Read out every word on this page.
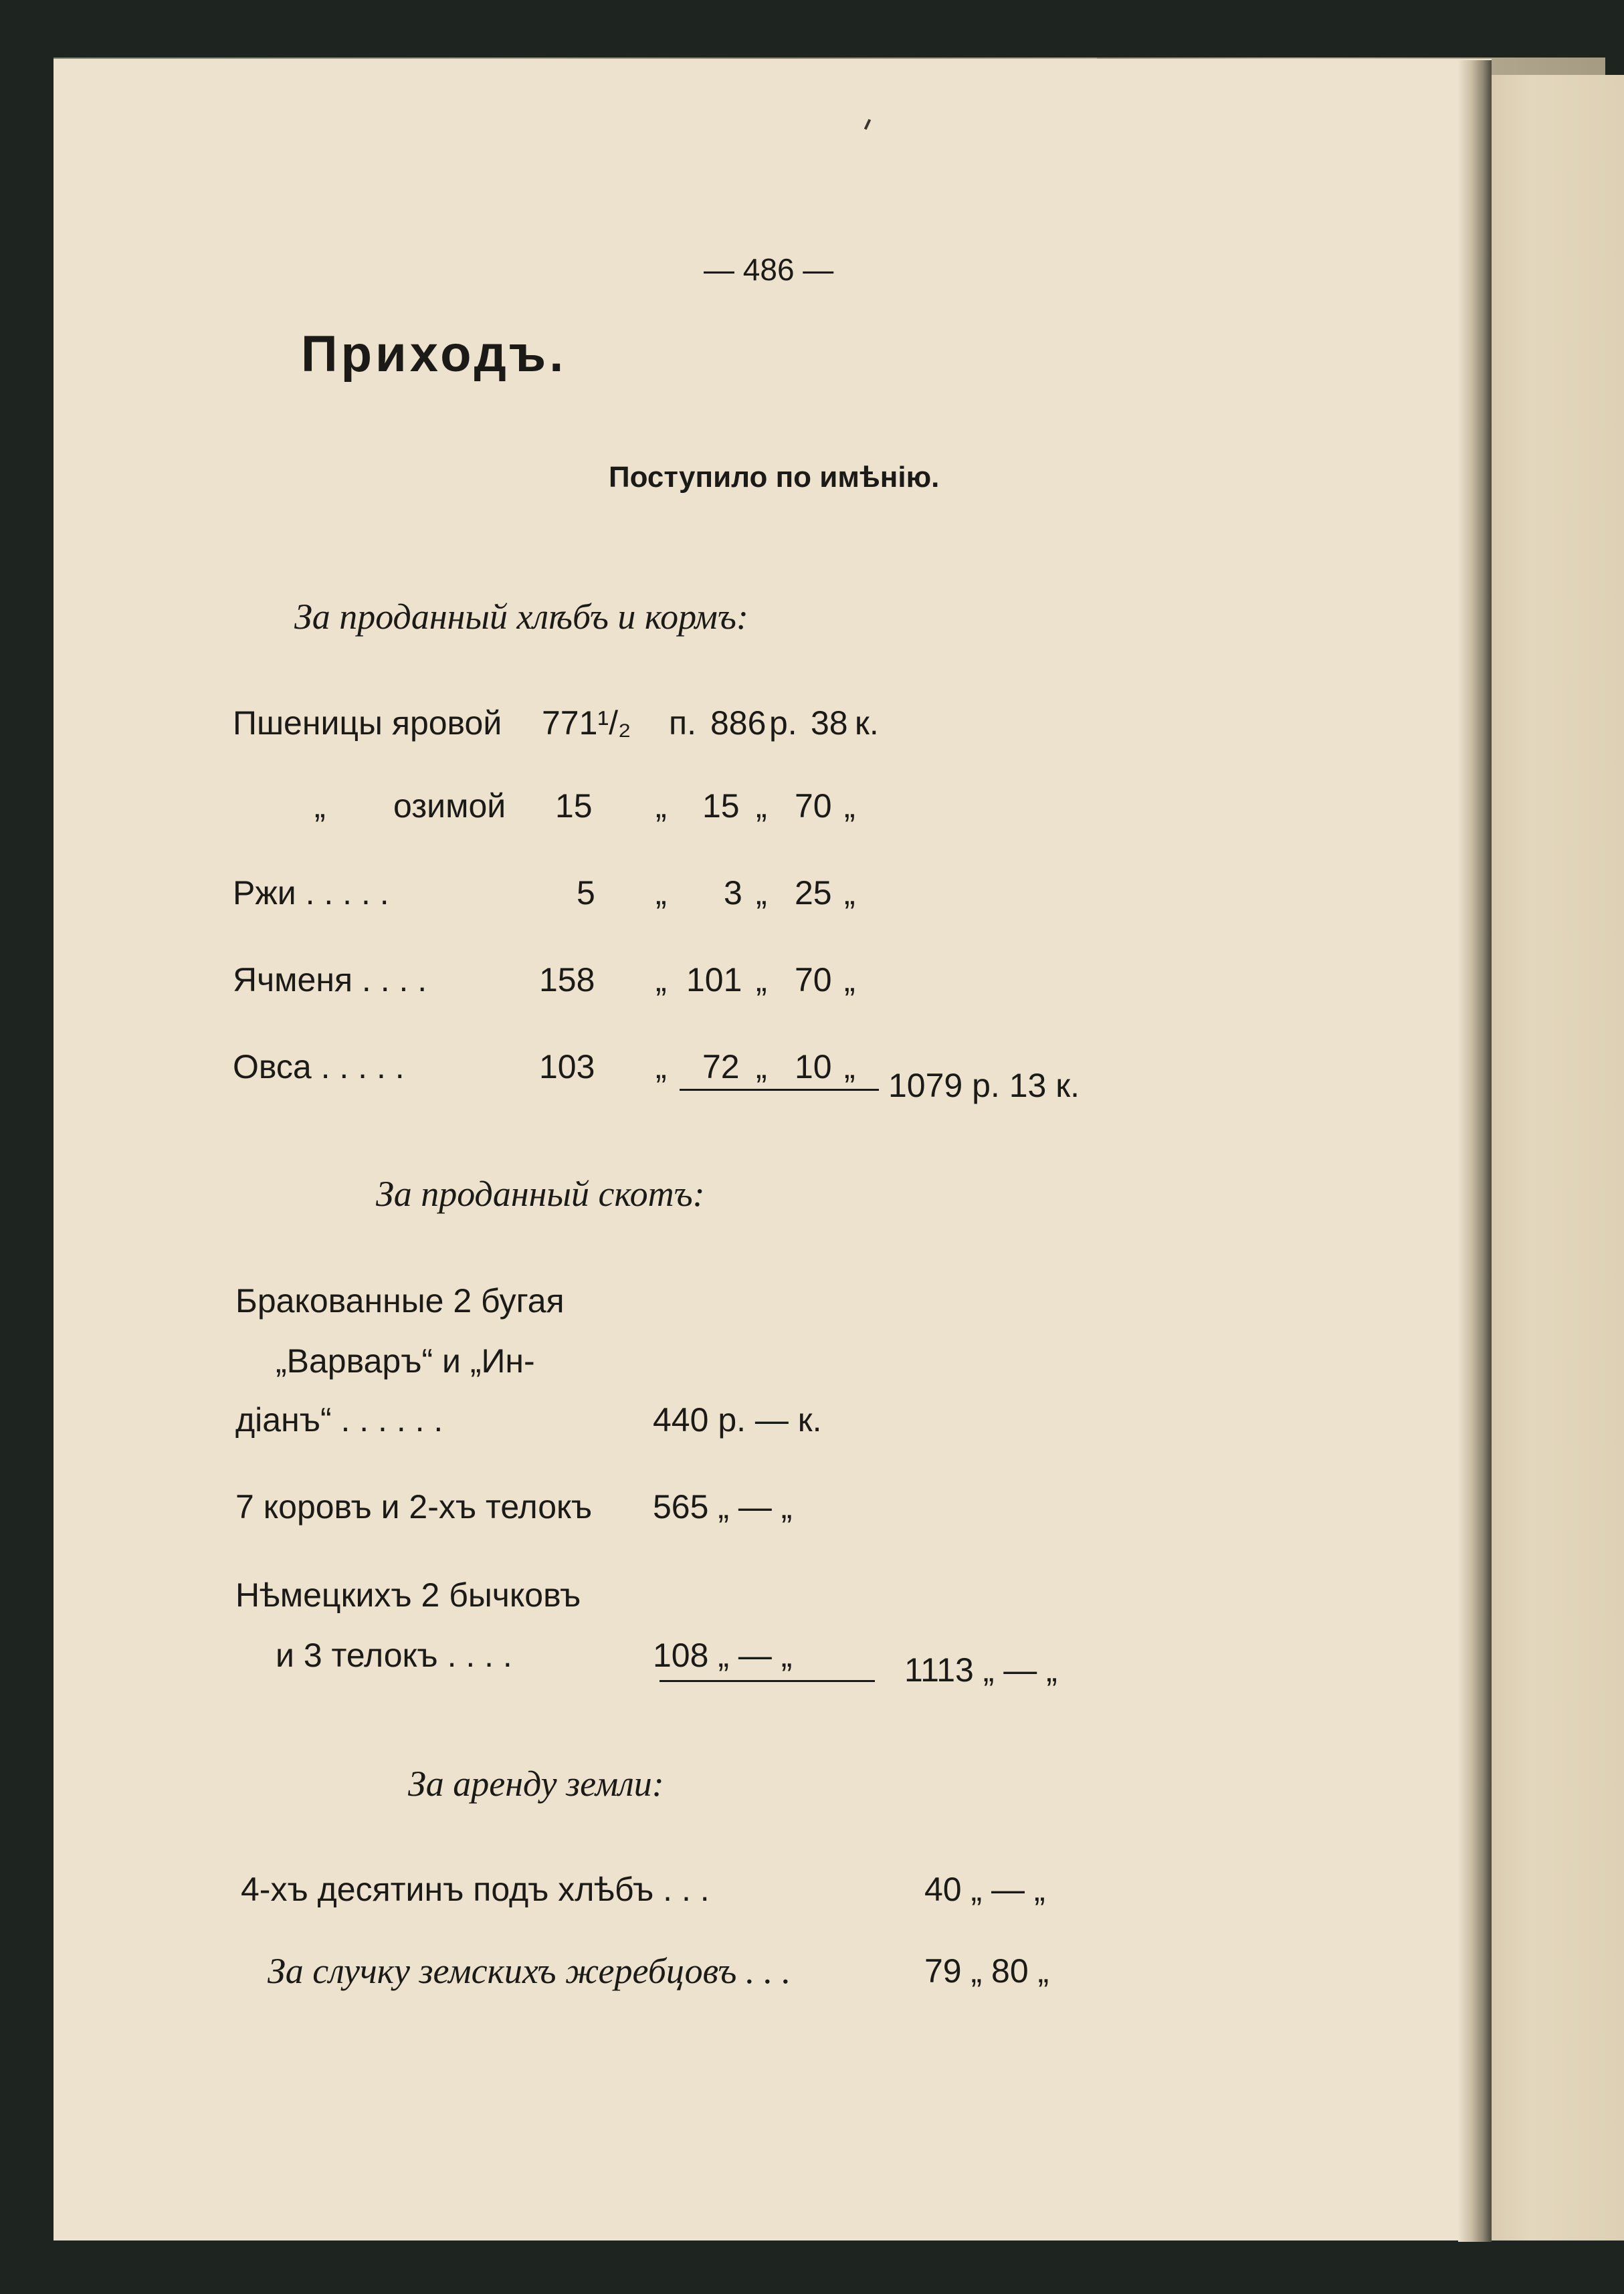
— 486 —
Приходъ.
Поступило по имѣнію.
За проданный хлѣбъ и кормъ:
Пшеницы яровой 771¹/₂ п. 886 р. 38 к.
„ озимой 15 „ 15 „ 70 „
Ржи . . . . .	5 „ 3 „ 25 „
Ячменя . . . .	158 „ 101 „ 70 „
Овса . . . . .	103 „ 72 „ 10 „ 1079 р. 13 к.
За проданный скотъ:
Бракованные 2 бугая
„Варваръ“ и „Ин-
діанъ“ . . . . . .	440 р. — к.
7 коровъ и 2-хъ телокъ 565 „ — „
Нѣмецкихъ 2 бычковъ
и 3 телокъ . . . .	108 „ — „	1113 „ — „
За аренду земли:
4-хъ десятинъ подъ хлѣбъ . . .	40 „ — „
За случку земскихъ жеребцовъ . . .	79 „ 80 „
